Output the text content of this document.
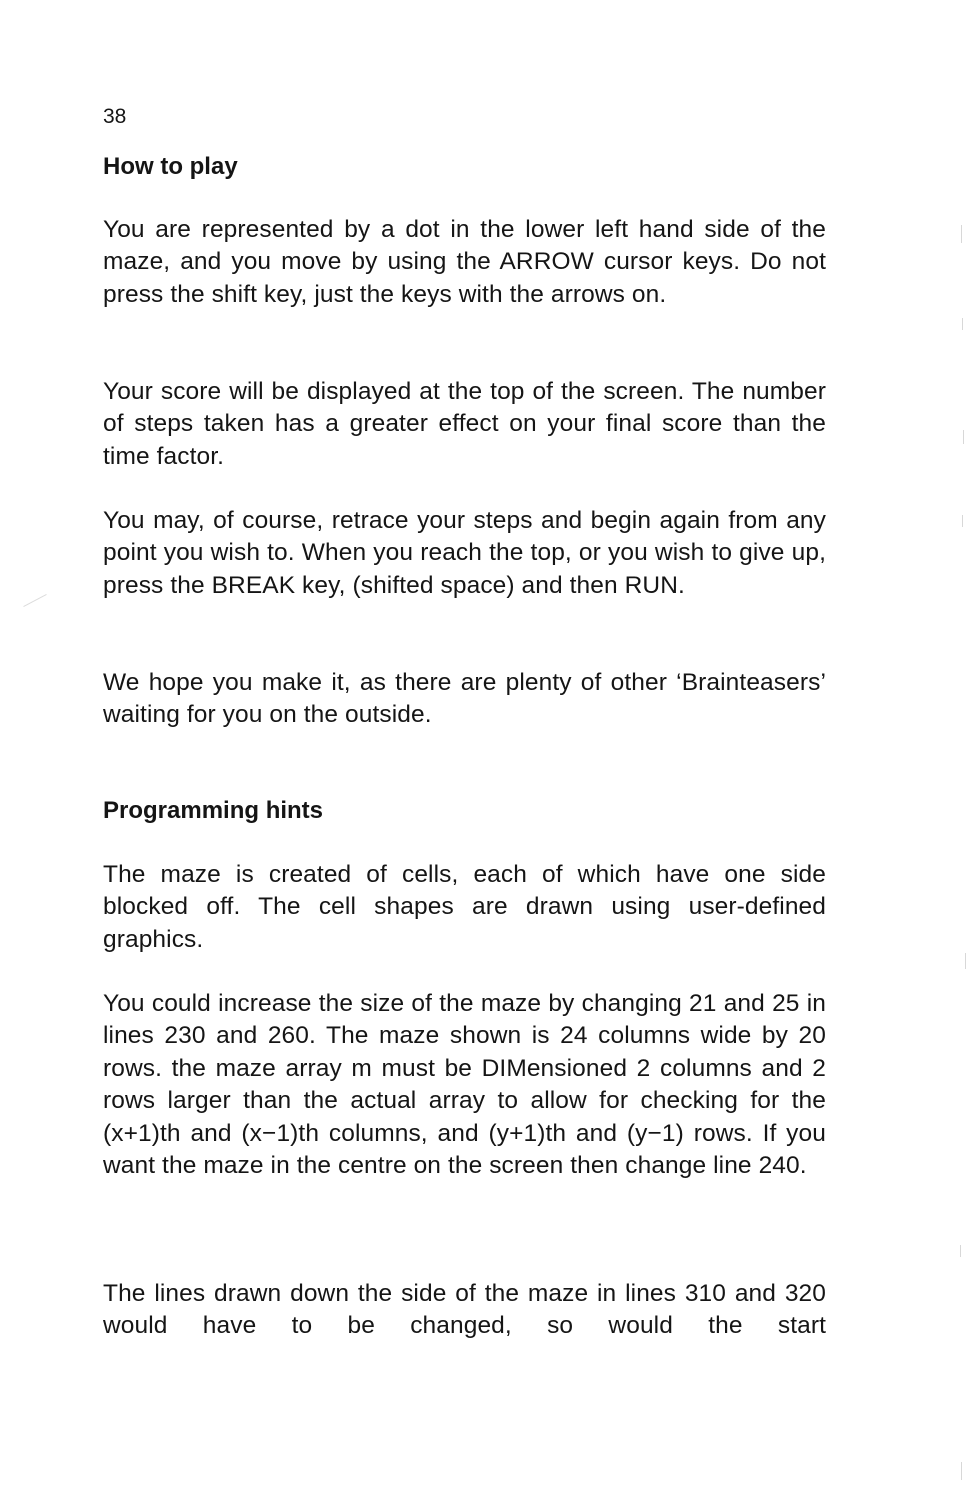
38
How to play

You are represented by a dot in the lower left hand side of the maze, and you move by using the ARROW cursor keys. Do not press the shift key, just the keys with the arrows on.

Your score will be displayed at the top of the screen. The number of steps taken has a greater effect on your final score than the time factor.

You may, of course, retrace your steps and begin again from any point you wish to. When you reach the top, or you wish to give up, press the BREAK key, (shifted space) and then RUN.

We hope you make it, as there are plenty of other ‘Brainteasers’ waiting for you on the outside.

Programming hints

The maze is created of cells, each of which have one side blocked off. The cell shapes are drawn using user-defined graphics.

You could increase the size of the maze by changing 21 and 25 in lines 230 and 260. The maze shown is 24 columns wide by 20 rows. the maze array m must be DIMensioned 2 columns and 2 rows larger than the actual array to allow for checking for the (x+1)th and (x−1)th columns, and (y+1)th and (y−1) rows. If you want the maze in the centre on the screen then change line 240.

The lines drawn down the side of the maze in lines 310 and 320 would have to be changed, so would the start
